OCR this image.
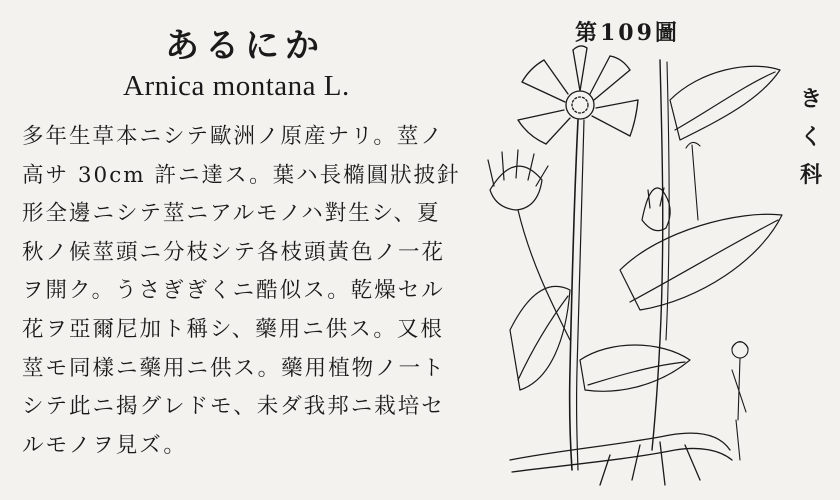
あるにか
Arnica montana L.
多年生草本ニシテ歐洲ノ原産ナリ。莖ノ
高サ 30cm 許ニ達ス。葉ハ長橢圓狀披針
形全邊ニシテ莖ニアルモノハ對生シ、夏
秋ノ候莖頭ニ分枝シテ各枝頭黃色ノ一花
ヲ開ク。うさぎぎくニ酷似ス。乾燥セル
花ヲ亞爾尼加ト稱シ、藥用ニ供ス。又根
莖モ同樣ニ藥用ニ供ス。藥用植物ノ一ト
シテ此ニ揭グレドモ、未ダ我邦ニ栽培セ
ルモノヲ見ズ。
第109圖
き
く
科
